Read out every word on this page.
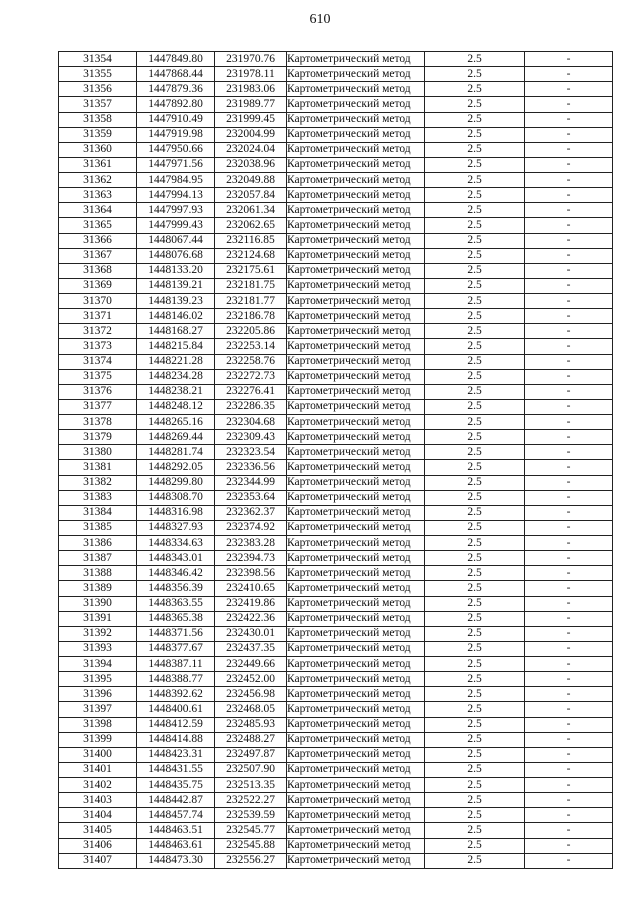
610
31354	1447849.80	231970.76	Картометрический метод	2.5	-
31355	1447868.44	231978.11	Картометрический метод	2.5	-
31356	1447879.36	231983.06	Картометрический метод	2.5	-
31357	1447892.80	231989.77	Картометрический метод	2.5	-
31358	1447910.49	231999.45	Картометрический метод	2.5	-
31359	1447919.98	232004.99	Картометрический метод	2.5	-
31360	1447950.66	232024.04	Картометрический метод	2.5	-
31361	1447971.56	232038.96	Картометрический метод	2.5	-
31362	1447984.95	232049.88	Картометрический метод	2.5	-
31363	1447994.13	232057.84	Картометрический метод	2.5	-
31364	1447997.93	232061.34	Картометрический метод	2.5	-
31365	1447999.43	232062.65	Картометрический метод	2.5	-
31366	1448067.44	232116.85	Картометрический метод	2.5	-
31367	1448076.68	232124.68	Картометрический метод	2.5	-
31368	1448133.20	232175.61	Картометрический метод	2.5	-
31369	1448139.21	232181.75	Картометрический метод	2.5	-
31370	1448139.23	232181.77	Картометрический метод	2.5	-
31371	1448146.02	232186.78	Картометрический метод	2.5	-
31372	1448168.27	232205.86	Картометрический метод	2.5	-
31373	1448215.84	232253.14	Картометрический метод	2.5	-
31374	1448221.28	232258.76	Картометрический метод	2.5	-
31375	1448234.28	232272.73	Картометрический метод	2.5	-
31376	1448238.21	232276.41	Картометрический метод	2.5	-
31377	1448248.12	232286.35	Картометрический метод	2.5	-
31378	1448265.16	232304.68	Картометрический метод	2.5	-
31379	1448269.44	232309.43	Картометрический метод	2.5	-
31380	1448281.74	232323.54	Картометрический метод	2.5	-
31381	1448292.05	232336.56	Картометрический метод	2.5	-
31382	1448299.80	232344.99	Картометрический метод	2.5	-
31383	1448308.70	232353.64	Картометрический метод	2.5	-
31384	1448316.98	232362.37	Картометрический метод	2.5	-
31385	1448327.93	232374.92	Картометрический метод	2.5	-
31386	1448334.63	232383.28	Картометрический метод	2.5	-
31387	1448343.01	232394.73	Картометрический метод	2.5	-
31388	1448346.42	232398.56	Картометрический метод	2.5	-
31389	1448356.39	232410.65	Картометрический метод	2.5	-
31390	1448363.55	232419.86	Картометрический метод	2.5	-
31391	1448365.38	232422.36	Картометрический метод	2.5	-
31392	1448371.56	232430.01	Картометрический метод	2.5	-
31393	1448377.67	232437.35	Картометрический метод	2.5	-
31394	1448387.11	232449.66	Картометрический метод	2.5	-
31395	1448388.77	232452.00	Картометрический метод	2.5	-
31396	1448392.62	232456.98	Картометрический метод	2.5	-
31397	1448400.61	232468.05	Картометрический метод	2.5	-
31398	1448412.59	232485.93	Картометрический метод	2.5	-
31399	1448414.88	232488.27	Картометрический метод	2.5	-
31400	1448423.31	232497.87	Картометрический метод	2.5	-
31401	1448431.55	232507.90	Картометрический метод	2.5	-
31402	1448435.75	232513.35	Картометрический метод	2.5	-
31403	1448442.87	232522.27	Картометрический метод	2.5	-
31404	1448457.74	232539.59	Картометрический метод	2.5	-
31405	1448463.51	232545.77	Картометрический метод	2.5	-
31406	1448463.61	232545.88	Картометрический метод	2.5	-
31407	1448473.30	232556.27	Картометрический метод	2.5	-
